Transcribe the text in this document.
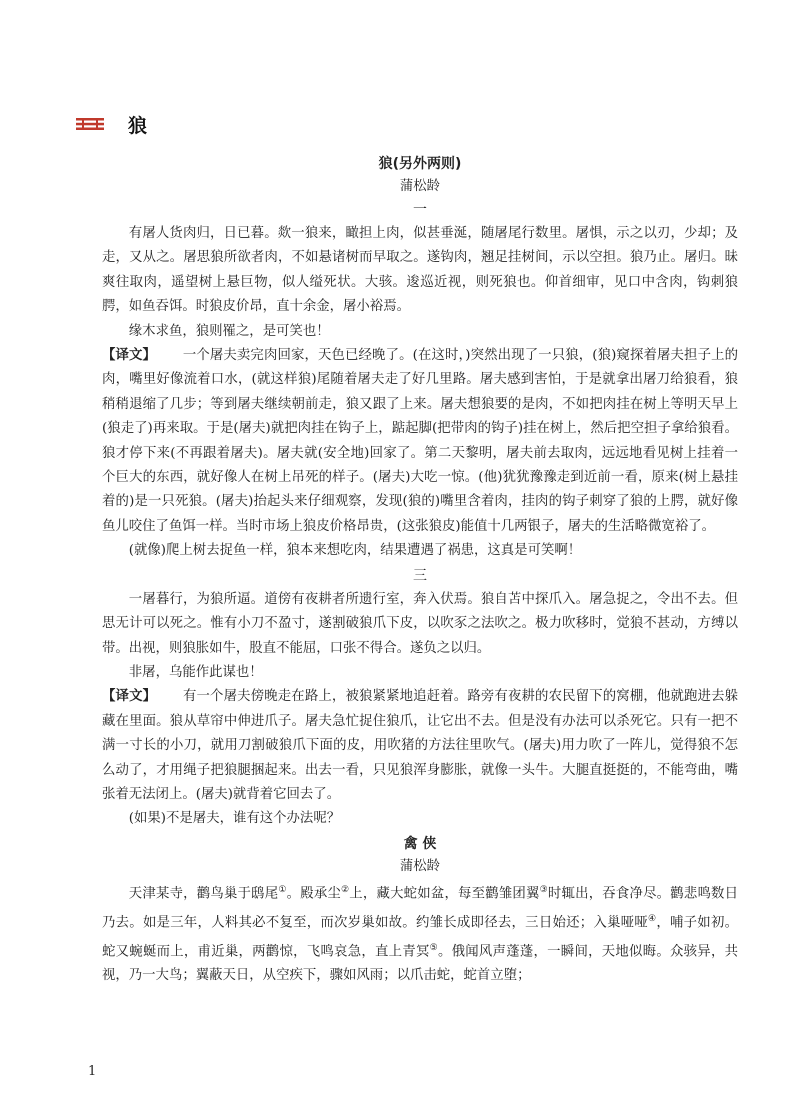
狼
狼(另外两则)
蒲松龄
一

有屠人货肉归，日已暮。欻一狼来，瞰担上肉，似甚垂涎，随屠尾行数里。屠惧，示之以刃，少却；及走，又从之。屠思狼所欲者肉，不如悬诸树而早取之。遂钩肉，翘足挂树间，示以空担。狼乃止。屠归。昧爽往取肉，遥望树上悬巨物，似人缢死状。大骇。逡巡近视，则死狼也。仰首细审，见口中含肉，钩刺狼腭，如鱼吞饵。时狼皮价昂，直十余金，屠小裕焉。

缘木求鱼，狼则罹之，是可笑也！

【译文】 一个屠夫卖完肉回家，天色已经晚了。(在这时，)突然出现了一只狼，(狼)窥探着屠夫担子上的肉，嘴里好像流着口水，(就这样狼)尾随着屠夫走了好几里路。屠夫感到害怕，于是就拿出屠刀给狼看，狼稍稍退缩了几步；等到屠夫继续朝前走，狼又跟了上来。屠夫想狼要的是肉，不如把肉挂在树上等明天早上(狼走了)再来取。于是(屠夫)就把肉挂在钩子上，踮起脚(把带肉的钩子)挂在树上，然后把空担子拿给狼看。狼才停下来(不再跟着屠夫)。屠夫就(安全地)回家了。第二天黎明，屠夫前去取肉，远远地看见树上挂着一个巨大的东西，就好像人在树上吊死的样子。(屠夫)大吃一惊。(他)犹犹豫豫走到近前一看，原来(树上悬挂着的)是一只死狼。(屠夫)抬起头来仔细观察，发现(狼的)嘴里含着肉，挂肉的钩子刺穿了狼的上腭，就好像鱼儿咬住了鱼饵一样。当时市场上狼皮价格昂贵，(这张狼皮)能值十几两银子，屠夫的生活略微宽裕了。

(就像)爬上树去捉鱼一样，狼本来想吃肉，结果遭遇了祸患，这真是可笑啊！

三

一屠暮行，为狼所逼。道傍有夜耕者所遗行室，奔入伏焉。狼自苫中探爪入。屠急捉之，令出不去。但思无计可以死之。惟有小刀不盈寸，遂割破狼爪下皮，以吹豕之法吹之。极力吹移时，觉狼不甚动，方缚以带。出视，则狼胀如牛，股直不能屈，口张不得合。遂负之以归。

非屠，乌能作此谋也！

【译文】 有一个屠夫傍晚走在路上，被狼紧紧地追赶着。路旁有夜耕的农民留下的窝棚，他就跑进去躲藏在里面。狼从草帘中伸进爪子。屠夫急忙捉住狼爪，让它出不去。但是没有办法可以杀死它。只有一把不满一寸长的小刀，就用刀割破狼爪下面的皮，用吹猪的方法往里吹气。(屠夫)用力吹了一阵儿，觉得狼不怎么动了，才用绳子把狼腿捆起来。出去一看，只见狼浑身膨胀，就像一头牛。大腿直挺挺的，不能弯曲，嘴张着无法闭上。(屠夫)就背着它回去了。

(如果)不是屠夫，谁有这个办法呢？

禽 侠
蒲松龄

天津某寺，鹳鸟巢于鸱尾①。殿承尘②上，藏大蛇如盆，每至鹳雏团翼③时辄出，吞食净尽。鹳悲鸣数日乃去。如是三年，人料其必不复至，而次岁巢如故。约雏长成即径去，三日始还；入巢哑哑④，哺子如初。蛇又蜿蜒而上，甫近巢，两鹳惊，飞鸣哀急，直上青冥⑤。俄闻风声蓬蓬，一瞬间，天地似晦。众骇异，共视，乃一大鸟；翼蔽天日，从空疾下，骤如风雨；以爪击蛇，蛇首立堕；

1
